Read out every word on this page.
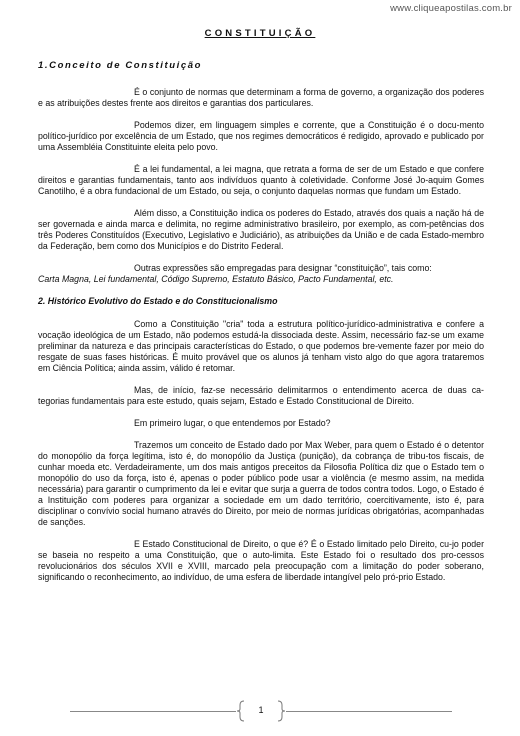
www.cliqueapostilas.com.br
CONSTITUIÇÃO
1.Conceito de Constituição

É o conjunto de normas que determinam a forma de governo, a organização dos poderes e as atribuições destes frente aos direitos e garantias dos particulares.

Podemos dizer, em linguagem simples e corrente, que a Constituição é o docu-mento político-jurídico por excelência de um Estado, que nos regimes democráticos é redigido, aprovado e publicado por uma Assembléia Constituinte eleita pelo povo.

É a lei fundamental, a lei magna, que retrata a forma de ser de um Estado e que confere direitos e garantias fundamentais, tanto aos indivíduos quanto à coletividade. Conforme José Jo-aquim Gomes Canotilho, é a obra fundacional de um Estado, ou seja, o conjunto daquelas normas que fundam um Estado.

Além disso, a Constituição indica os poderes do Estado, através dos quais a nação há de ser governada e ainda marca e delimita, no regime administrativo brasileiro, por exemplo, as com-petências dos três Poderes Constituídos (Executivo, Legislativo e Judiciário), as atribuições da União e de cada Estado-membro da Federação, bem como dos Municípios e do Distrito Federal.

Outras expressões são empregadas para designar “constituição”, tais como:

Carta Magna, Lei fundamental, Código Supremo, Estatuto Básico, Pacto Fundamental, etc.
2. Histórico Evolutivo do Estado e do Constitucionalismo

Como a Constituição "cria" toda a estrutura político-jurídico-administrativa e confere a vocação ideológica de um Estado, não podemos estudá-la dissociada deste. Assim, necessário faz-se um exame preliminar da natureza e das principais características do Estado, o que podemos bre-vemente fazer por meio do resgate de suas fases históricas. É muito provável que os alunos já tenham visto algo do que agora trataremos em Ciência Política; ainda assim, válido é retomar.

Mas, de início, faz-se necessário delimitarmos o entendimento acerca de duas ca-tegorias fundamentais para este estudo, quais sejam, Estado e Estado Constitucional de Direito.

Em primeiro lugar, o que entendemos por Estado?

Trazemos um conceito de Estado dado por Max Weber, para quem o Estado é o detentor do monopólio da força legítima, isto é, do monopólio da Justiça (punição), da cobrança de tribu-tos fiscais, de cunhar moeda etc. Verdadeiramente, um dos mais antigos preceitos da Filosofia Política diz que o Estado tem o monopólio do uso da força, isto é, apenas o poder público pode usar a violência (e mesmo assim, na medida necessária) para garantir o cumprimento da lei e evitar que surja a guerra de todos contra todos. Logo, o Estado é a Instituição com poderes para organizar a sociedade em um dado território, coercitivamente, isto é, para disciplinar o convívio social humano através do Direito, por meio de normas jurídicas obrigatórias, acompanhadas de sanções.

E Estado Constitucional de Direito, o que é? É o Estado limitado pelo Direito, cu-jo poder se baseia no respeito a uma Constituição, que o auto-limita. Este Estado foi o resultado dos pro-cessos revolucionários dos séculos XVII e XVIII, marcado pela preocupação com a limitação do poder soberano, significando o reconhecimento, ao indivíduo, de uma esfera de liberdade intangível pelo pró-prio Estado.

1
